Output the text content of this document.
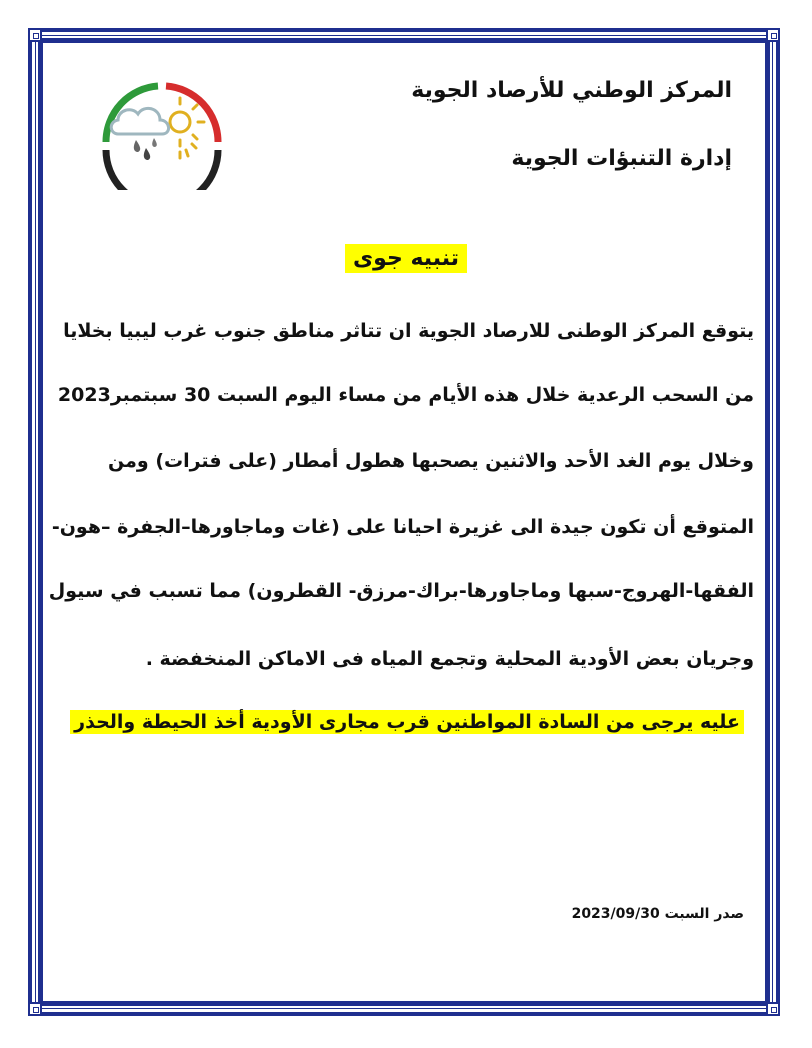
المركز الوطني للأرصاد الجوية
إدارة التنبؤات الجوية
تنبيه جوى
يتوقع المركز الوطنى للارصاد الجوية ان تتاثر مناطق جنوب غرب ليبيا بخلايا
من السحب الرعدية خلال هذه الأيام من مساء اليوم السبت 30 سبتمبر2023
وخلال يوم الغد الأحد والاثنين يصحبها هطول أمطار (على فترات) ومن
المتوقع أن تكون جيدة الى غزيرة احيانا على (غات وماجاورها–الجفرة –هون-
الفقها-الهروج-سبها وماجاورها-براك-مرزق- القطرون) مما تسبب في سيول
وجريان بعض الأودية المحلية وتجمع المياه فى الاماكن المنخفضة .
عليه يرجى من السادة المواطنين قرب مجارى الأودية أخذ الحيطة والحذر
صدر السبت 2023/09/30
